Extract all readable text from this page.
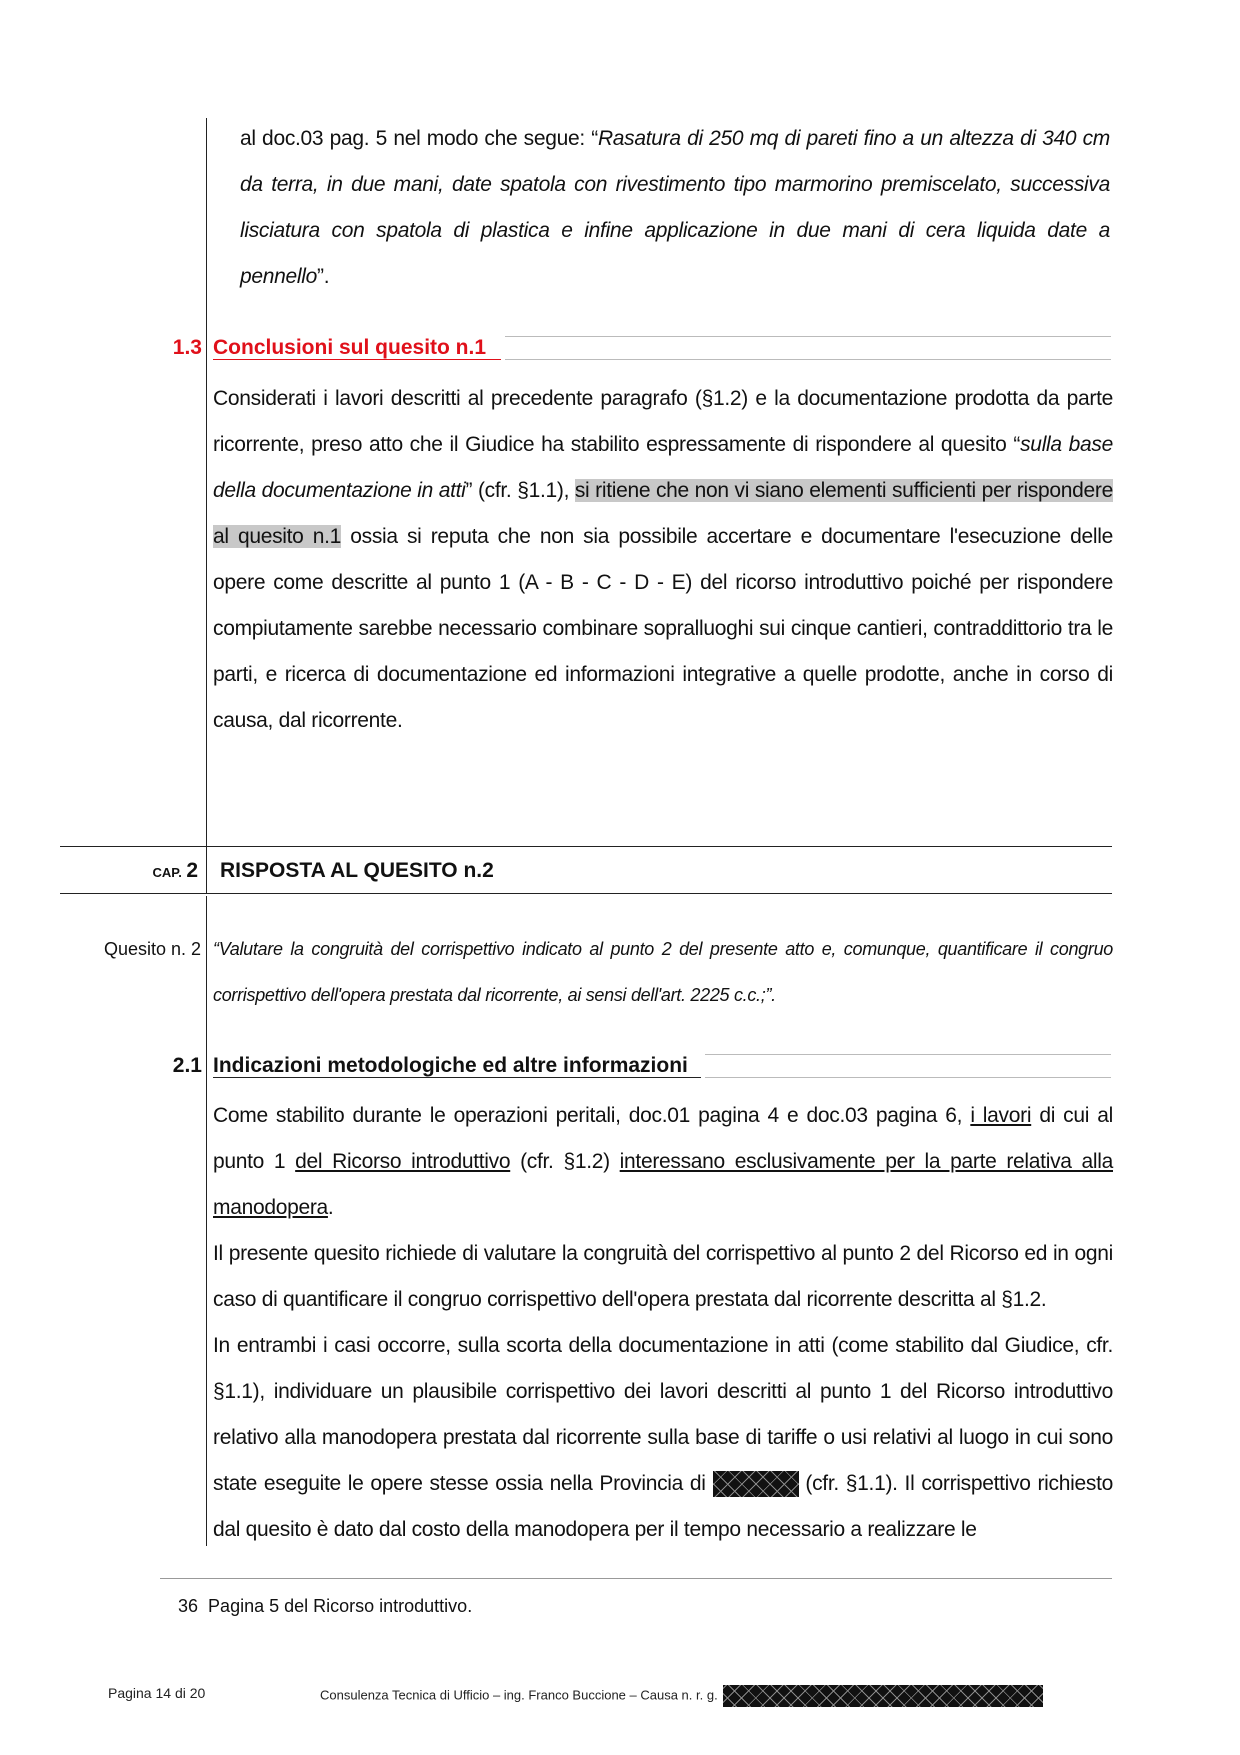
al doc.03 pag. 5 nel modo che segue: “Rasatura di 250 mq di pareti fino a un altezza di 340 cm da terra, in due mani, date spatola con rivestimento tipo marmorino premiscelato, successiva lisciatura con spatola di plastica e infine applicazione in due mani di cera liquida date a pennello”.

1.3 Conclusioni sul quesito n.1

Considerati i lavori descritti al precedente paragrafo (§1.2) e la documentazione prodotta da parte ricorrente, preso atto che il Giudice ha stabilito espressamente di rispondere al quesito “sulla base della documentazione in atti” (cfr. §1.1), si ritiene che non vi siano elementi sufficienti per rispondere al quesito n.1 ossia si reputa che non sia possibile accertare e documentare l'esecuzione delle opere come descritte al punto 1 (A - B - C - D - E) del ricorso introduttivo poiché per rispondere compiutamente sarebbe necessario combinare sopralluoghi sui cinque cantieri, contraddittorio tra le parti, e ricerca di documentazione ed informazioni integrative a quelle prodotte, anche in corso di causa, dal ricorrente.

CAP. 2 RISPOSTA AL QUESITO n.2
Quesito n. 2 “Valutare la congruità del corrispettivo indicato al punto 2 del presente atto e, comunque, quantificare il congruo corrispettivo dell'opera prestata dal ricorrente, ai sensi dell'art. 2225 c.c.;”.
2.1 Indicazioni metodologiche ed altre informazioni

Come stabilito durante le operazioni peritali, doc.01 pagina 4 e doc.03 pagina 6, i lavori di cui al punto 1 del Ricorso introduttivo (cfr. §1.2) interessano esclusivamente per la parte relativa alla manodopera.

Il presente quesito richiede di valutare la congruità del corrispettivo al punto 2 del Ricorso ed in ogni caso di quantificare il congruo corrispettivo dell'opera prestata dal ricorrente descritta al §1.2.

In entrambi i casi occorre, sulla scorta della documentazione in atti (come stabilito dal Giudice, cfr. §1.1), individuare un plausibile corrispettivo dei lavori descritti al punto 1 del Ricorso introduttivo relativo alla manodopera prestata dal ricorrente sulla base di tariffe o usi relativi al luogo in cui sono state eseguite le opere stesse ossia nella Provincia di	(cfr. §1.1). Il corrispettivo richiesto dal quesito è dato dal costo della manodopera per il tempo necessario a realizzare le

36 Pagina 5 del Ricorso introduttivo.
Pagina 14 di 20	Consulenza Tecnica di Ufficio – ing. Franco Buccione – Causa n. r. g.
